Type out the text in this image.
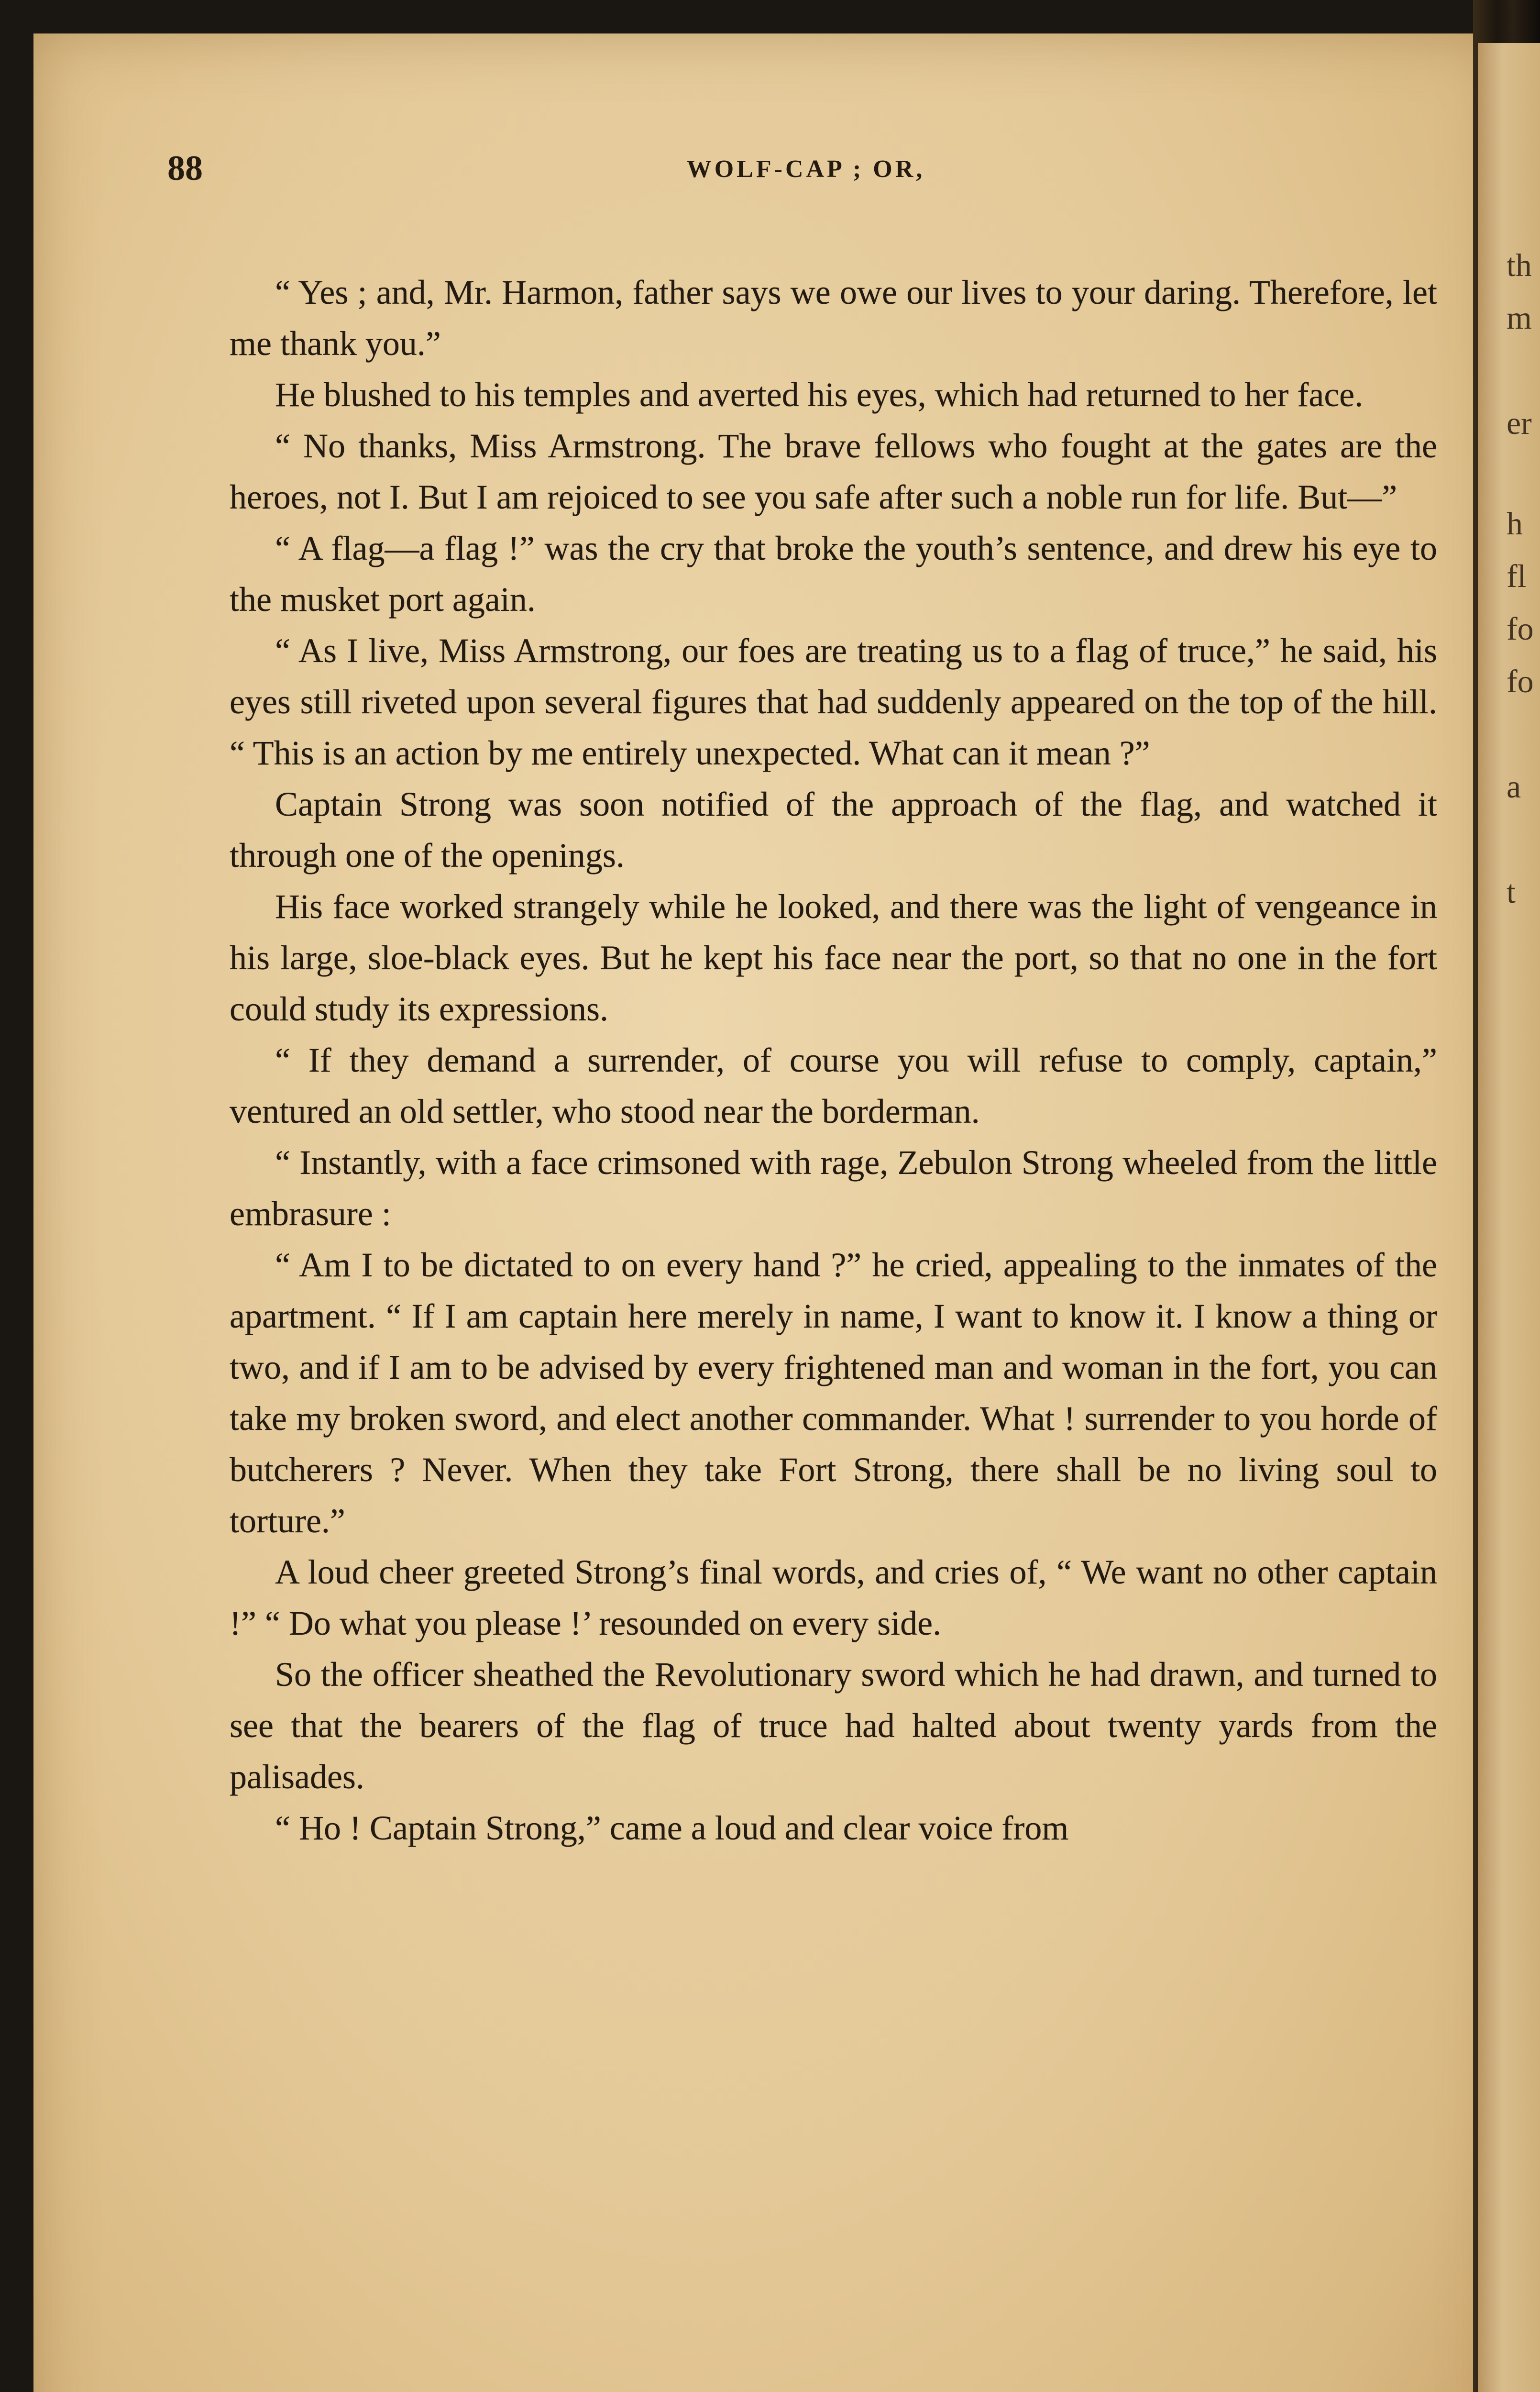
88	WOLF-CAP ; OR,

“ Yes ; and, Mr. Harmon, father says we owe our lives to your daring. Therefore, let me thank you.”

He blushed to his temples and averted his eyes, which had returned to her face.

“ No thanks, Miss Armstrong. The brave fellows who fought at the gates are the heroes, not I. But I am rejoiced to see you safe after such a noble run for life. But—”

“ A flag—a flag !” was the cry that broke the youth’s sentence, and drew his eye to the musket port again.

“ As I live, Miss Armstrong, our foes are treating us to a flag of truce,” he said, his eyes still riveted upon several figures that had suddenly appeared on the top of the hill. “ This is an action by me entirely unexpected. What can it mean ?”

Captain Strong was soon notified of the approach of the flag, and watched it through one of the openings.

His face worked strangely while he looked, and there was the light of vengeance in his large, sloe-black eyes. But he kept his face near the port, so that no one in the fort could study its expressions.

“ If they demand a surrender, of course you will refuse to comply, captain,” ventured an old settler, who stood near the borderman.

“ Instantly, with a face crimsoned with rage, Zebulon Strong wheeled from the little embrasure :

“ Am I to be dictated to on every hand ?” he cried, appealing to the inmates of the apartment. “ If I am captain here merely in name, I want to know it. I know a thing or two, and if I am to be advised by every frightened man and woman in the fort, you can take my broken sword, and elect another commander. What ! surrender to you horde of butcherers ? Never. When they take Fort Strong, there shall be no living soul to torture.”

A loud cheer greeted Strong’s final words, and cries of, “ We want no other captain !” “ Do what you please !’ resounded on every side.

So the officer sheathed the Revolutionary sword which he had drawn, and turned to see that the bearers of the flag of truce had halted about twenty yards from the palisades.

“ Ho ! Captain Strong,” came a loud and clear voice from

th
m
er
h
fl
fo
fo
a
t
